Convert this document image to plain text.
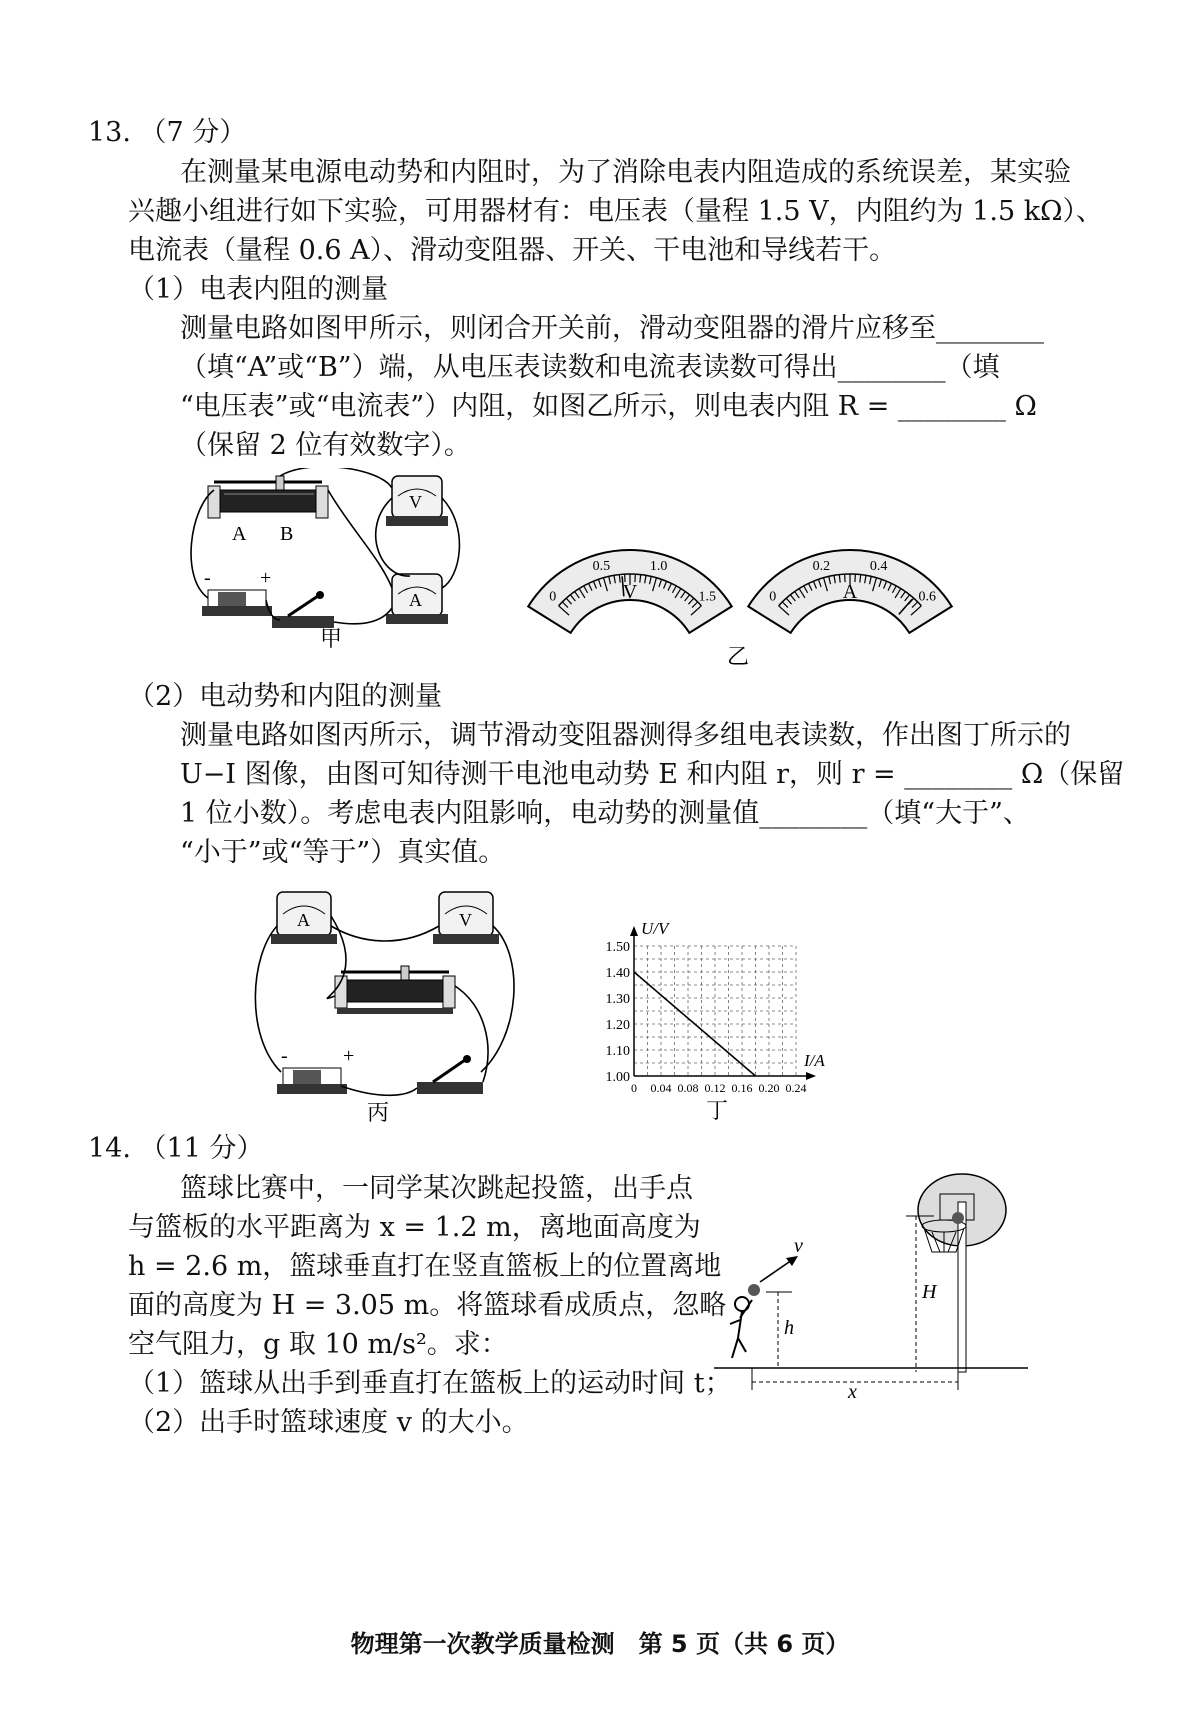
13. （7 分）
在测量某电源电动势和内阻时，为了消除电表内阻造成的系统误差，某实验
兴趣小组进行如下实验，可用器材有：电压表（量程 1.5 V，内阻约为 1.5 kΩ）、
电流表（量程 0.6 A）、滑动变阻器、开关、干电池和导线若干。
（1）电表内阻的测量
测量电路如图甲所示，则闭合开关前，滑动变阻器的滑片应移至________
（填“A”或“B”）端，从电压表读数和电流表读数可得出________（填
“电压表”或“电流表”）内阻，如图乙所示，则电表内阻 R = ________ Ω
（保留 2 位有效数字）。
A B
V
A
- +
甲
0
0.5	1.0
1.5
V	0
0.2	0.4
0.6
A
乙
（2）电动势和内阻的测量
测量电路如图丙所示，调节滑动变阻器测得多组电表读数，作出图丁所示的
U−I 图像，由图可知待测干电池电动势 E 和内阻 r，则 r = ________ Ω（保留
1 位小数）。考虑电表内阻影响，电动势的测量值________（填“大于”、
“小于”或“等于”）真实值。
A	V
-	+
丙
0 0.04 0.08 0.12 0.16 0.20 0.24
1.00
1.10
1.20
1.30
1.40
1.50
U/V
I/A
丁
14. （11 分）
篮球比赛中，一同学某次跳起投篮，出手点
与篮板的水平距离为 x = 1.2 m，离地面高度为
h = 2.6 m，篮球垂直打在竖直篮板上的位置离地
面的高度为 H = 3.05 m。将篮球看成质点，忽略
空气阻力，g 取 10 m/s²。求：
（1）篮球从出手到垂直打在篮板上的运动时间 t；
（2）出手时篮球速度 v 的大小。
H
x
h
v
物理第一次教学质量检测　第 5 页（共 6 页）
